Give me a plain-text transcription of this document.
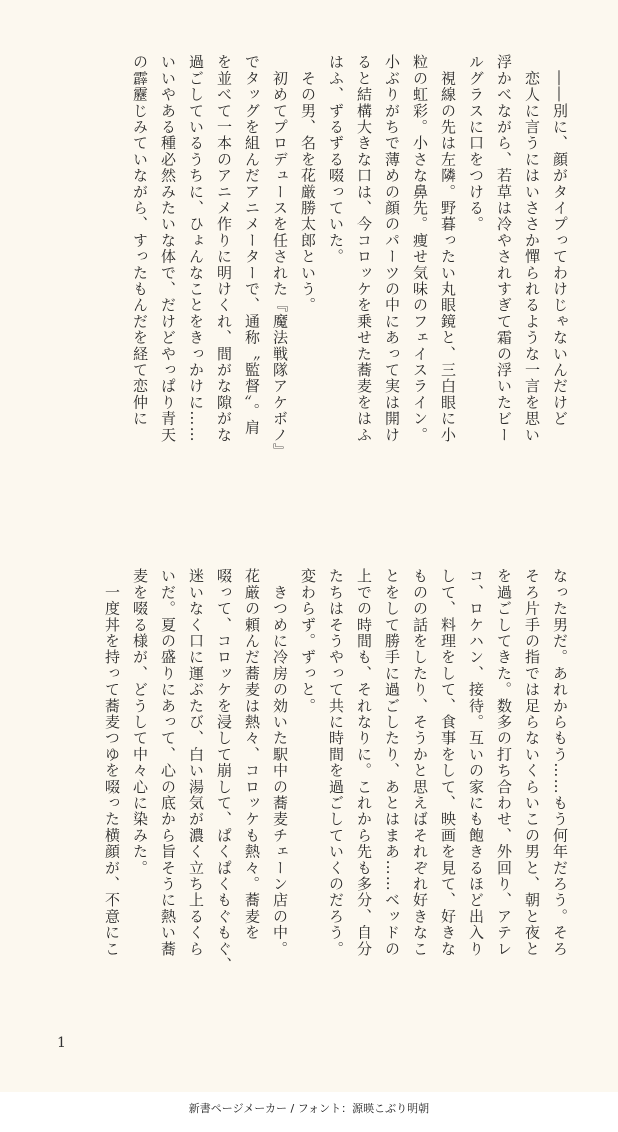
　――別に、顔がタイプってわけじゃないんだけど

　恋人に言うにはいささか憚られるような一言を思い

浮かべながら、若草は冷やされすぎて霜の浮いたビー

ルグラスに口をつける。

　視線の先は左隣。野暮ったい丸眼鏡と、三白眼に小

粒の虹彩。小さな鼻先。痩せ気味のフェイスライン。

小ぶりがちで薄めの顔のパーツの中にあって実は開け

ると結構大きな口は、今コロッケを乗せた蕎麦をはふ

はふ、ずるずる啜っていた。

　その男、名を花厳勝太郎という。

　初めてプロデュースを任された『魔法戦隊アケボノ』

でタッグを組んだアニメーターで、通称〝監督〟。肩

を並べて一本のアニメ作りに明けくれ、間がな隙がな

過ごしているうちに、ひょんなことをきっかけに……

いいやある種必然みたいな体で、だけどやっぱり青天

の霹靂じみていながら、すったもんだを経て恋仲に

なった男だ。あれからもう……もう何年だろう。そろ

そろ片手の指では足らないくらいこの男と、朝と夜と

を過ごしてきた。数多の打ち合わせ、外回り、アテレ

コ、ロケハン、接待。互いの家にも飽きるほど出入り

して、料理をして、食事をして、映画を見て、好きな

ものの話をしたり、そうかと思えばそれぞれ好きなこ

とをして勝手に過ごしたり、あとはまあ……ベッドの

上での時間も、それなりに。これから先も多分、自分

たちはそうやって共に時間を過ごしていくのだろう。

変わらず。ずっと。

　きつめに冷房の効いた駅中の蕎麦チェーン店の中。

花厳の頼んだ蕎麦は熱々、コロッケも熱々。蕎麦を

啜って、コロッケを浸して崩して、ぱくぱくもぐもぐ、

迷いなく口に運ぶたび、白い湯気が濃く立ち上るくら

いだ。夏の盛りにあって、心の底から旨そうに熱い蕎

麦を啜る様が、どうして中々心に染みた。

　一度丼を持って蕎麦つゆを啜った横顔が、不意にこ

1
新書ページメーカー / フォント：源暎こぶり明朝
